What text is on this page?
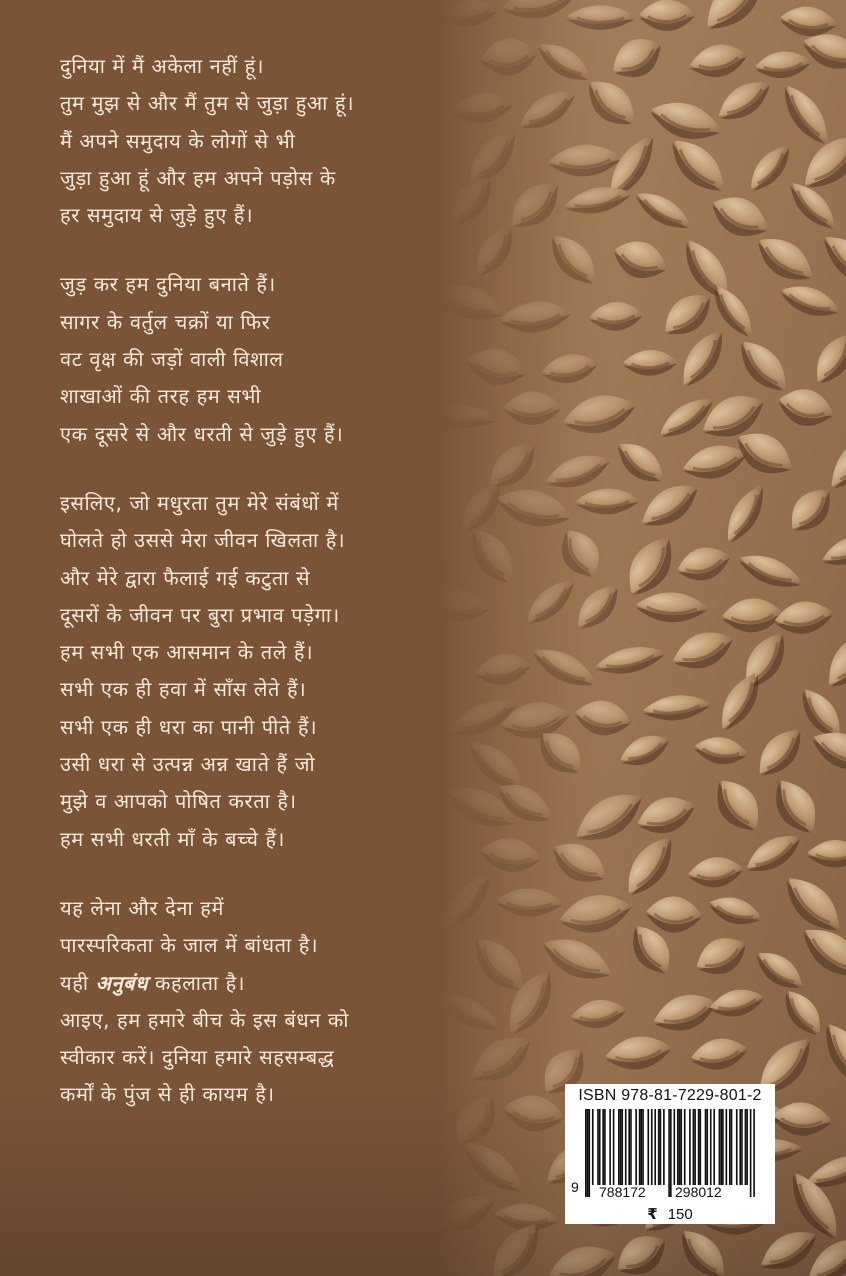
दुनिया में मैं अकेला नहीं हूं।
तुम मुझ से और मैं तुम से जुड़ा हुआ हूं।
मैं अपने समुदाय के लोगों से भी
जुड़ा हुआ हूं और हम अपने पड़ोस के
हर समुदाय से जुड़े हुए हैं।
जुड़ कर हम दुनिया बनाते हैं।
सागर के वर्तुल चक्रों या फिर
वट वृक्ष की जड़ों वाली विशाल
शाखाओं की तरह हम सभी
एक दूसरे से और धरती से जुड़े हुए हैं।
इसलिए, जो मधुरता तुम मेरे संबंधों में
घोलते हो उससे मेरा जीवन खिलता है।
और मेरे द्वारा फैलाई गई कटुता से
दूसरों के जीवन पर बुरा प्रभाव पड़ेगा।
हम सभी एक आसमान के तले हैं।
सभी एक ही हवा में साँस लेते हैं।
सभी एक ही धरा का पानी पीते हैं।
उसी धरा से उत्पन्न अन्न खाते हैं जो
मुझे व आपको पोषित करता है।
हम सभी धरती माँ के बच्चे हैं।
यह लेना और देना हमें
पारस्परिकता के जाल में बांधता है।
यही अनुबंध कहलाता है।
आइए, हम हमारे बीच के इस बंधन को
स्वीकार करें। दुनिया हमारे सहसम्बद्ध
कर्मों के पुंज से ही कायम है।	ISBN 978-81-7229-801-2
9 788172 298012
₹ 150
